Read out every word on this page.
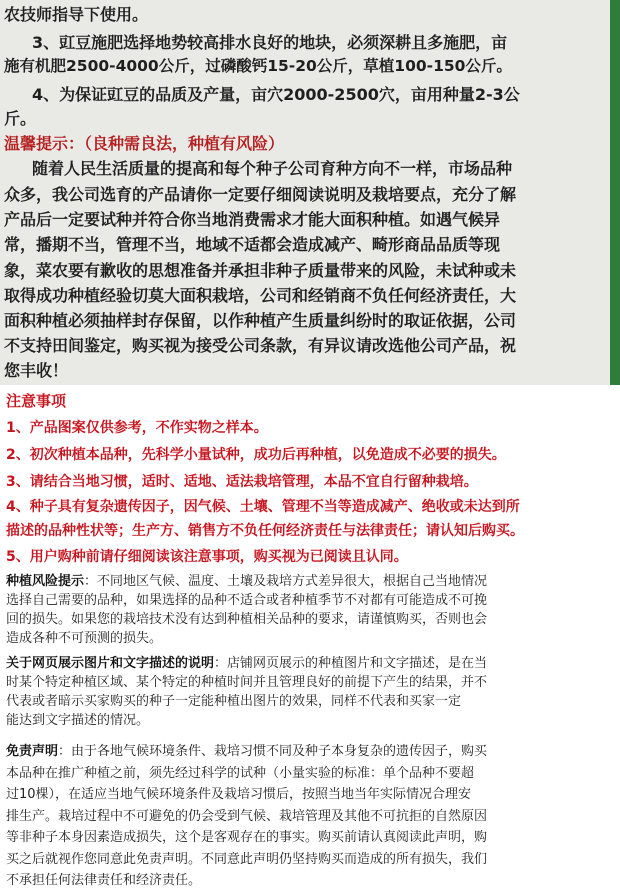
农技师指导下使用。
3、豇豆施肥选择地势较高排水良好的地块，必须深耕且多施肥，亩
施有机肥2500-4000公斤，过磷酸钙15-20公斤，草植100-150公斤。
4、为保证豇豆的品质及产量，亩穴2000-2500穴，亩用种量2-3公
斤。
温馨提示：（良种需良法，种植有风险）
随着人民生活质量的提高和每个种子公司育种方向不一样，市场品种
众多，我公司选育的产品请你一定要仔细阅读说明及栽培要点，充分了解
产品后一定要试种并符合你当地消费需求才能大面积种植。如遇气候异
常，播期不当，管理不当，地域不适都会造成减产、畸形商品品质等现
象，菜农要有歉收的思想准备并承担非种子质量带来的风险，未试种或未
取得成功种植经验切莫大面积栽培，公司和经销商不负任何经济责任，大
面积种植必须抽样封存保留，以作种植产生质量纠纷时的取证依据，公司
不支持田间鉴定，购买视为接受公司条款，有异议请改选他公司产品，祝
您丰收！
注意事项
1、产品图案仅供参考，不作实物之样本。
2、初次种植本品种，先科学小量试种，成功后再种植，以免造成不必要的损失。
3、请结合当地习惯，适时、适地、适法栽培管理，本品不宜自行留种栽培。
4、种子具有复杂遗传因子，因气候、土壤、管理不当等造成减产、绝收或未达到所
描述的品种性状等；生产方、销售方不负任何经济责任与法律责任；请认知后购买。
5、用户购种前请仔细阅读该注意事项，购买视为已阅读且认同。
种植风险提示：不同地区气候、温度、土壤及栽培方式差异很大，根据自己当地情况
选择自己需要的品种，如果选择的品种不适合或者种植季节不对都有可能造成不可挽
回的损失。如果您的栽培技术没有达到种植相关品种的要求，请谨慎购买，否则也会
造成各种不可预测的损失。
关于网页展示图片和文字描述的说明：店铺网页展示的种植图片和文字描述，是在当
时某个特定种植区域、某个特定的种植时间并且管理良好的前提下产生的结果，并不
代表或者暗示买家购买的种子一定能种植出图片的效果，同样不代表和买家一定
能达到文字描述的情况。
免责声明：由于各地气候环境条件、栽培习惯不同及种子本身复杂的遗传因子，购买
本品种在推广种植之前，须先经过科学的试种（小量实验的标准：单个品种不要超
过10棵），在适应当地气候环境条件及栽培习惯后，按照当地当年实际情况合理安
排生产。栽培过程中不可避免的仍会受到气候、栽培管理及其他不可抗拒的自然原因
等非种子本身因素造成损失，这个是客观存在的事实。购买前请认真阅读此声明，购
买之后就视作您同意此免责声明。不同意此声明仍坚持购买而造成的所有损失，我们
不承担任何法律责任和经济责任。
